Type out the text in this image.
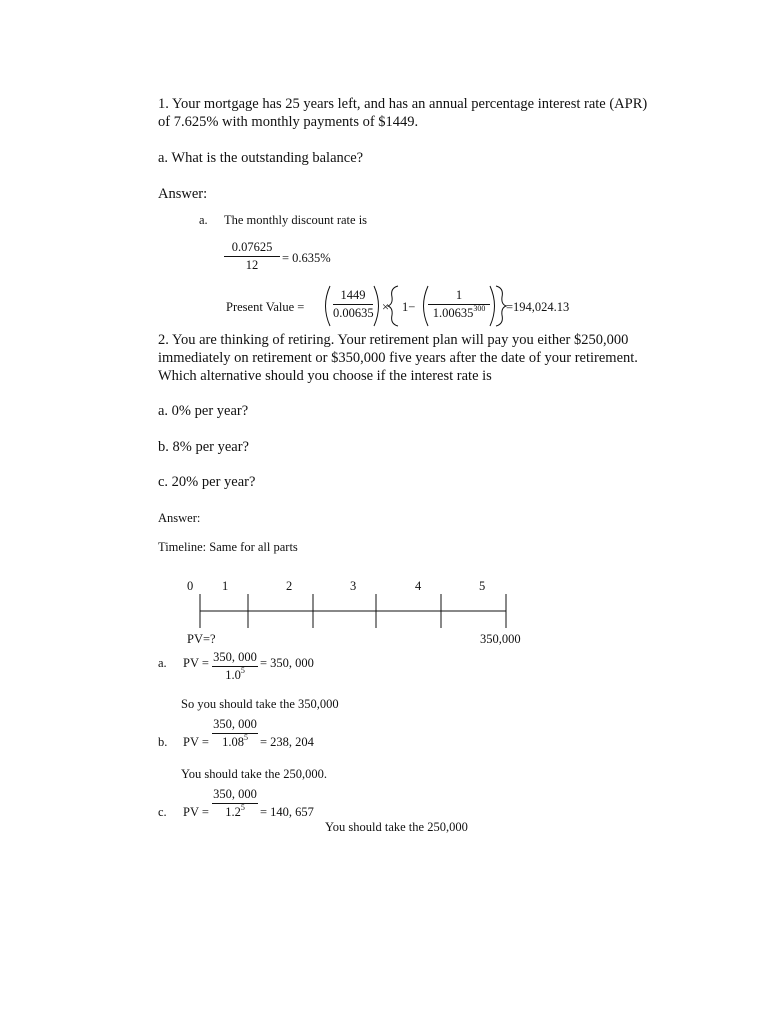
1. Your mortgage has 25 years left, and has an annual percentage interest rate (APR)
of 7.625% with monthly payments of $1449.
a. What is the outstanding balance?
Answer:
a. The monthly discount rate is
0.07625
12	= 0.635%
Present Value =
1449
0.00635 × 1−
1
$1.00635^{300}$	=194,024.13
2. You are thinking of retiring. Your retirement plan will pay you either $250,000
immediately on retirement or $350,000 five years after the date of your retirement.
Which alternative should you choose if the interest rate is
a. 0% per year?
b. 8% per year?
c. 20% per year?
Answer:
Timeline: Same for all parts
0 1	2	3	4	5
PV=?	350,000
a. PV = 350, 000
$1.0^5$
= 350, 000
So you should take the 350,000
b. PV =
350, 000
$1.08^5 = 238$, 204
You should take the 250,000.
c. PV =
350, 000
$1.2^5$	= 140, 657
You should take the 250,000
